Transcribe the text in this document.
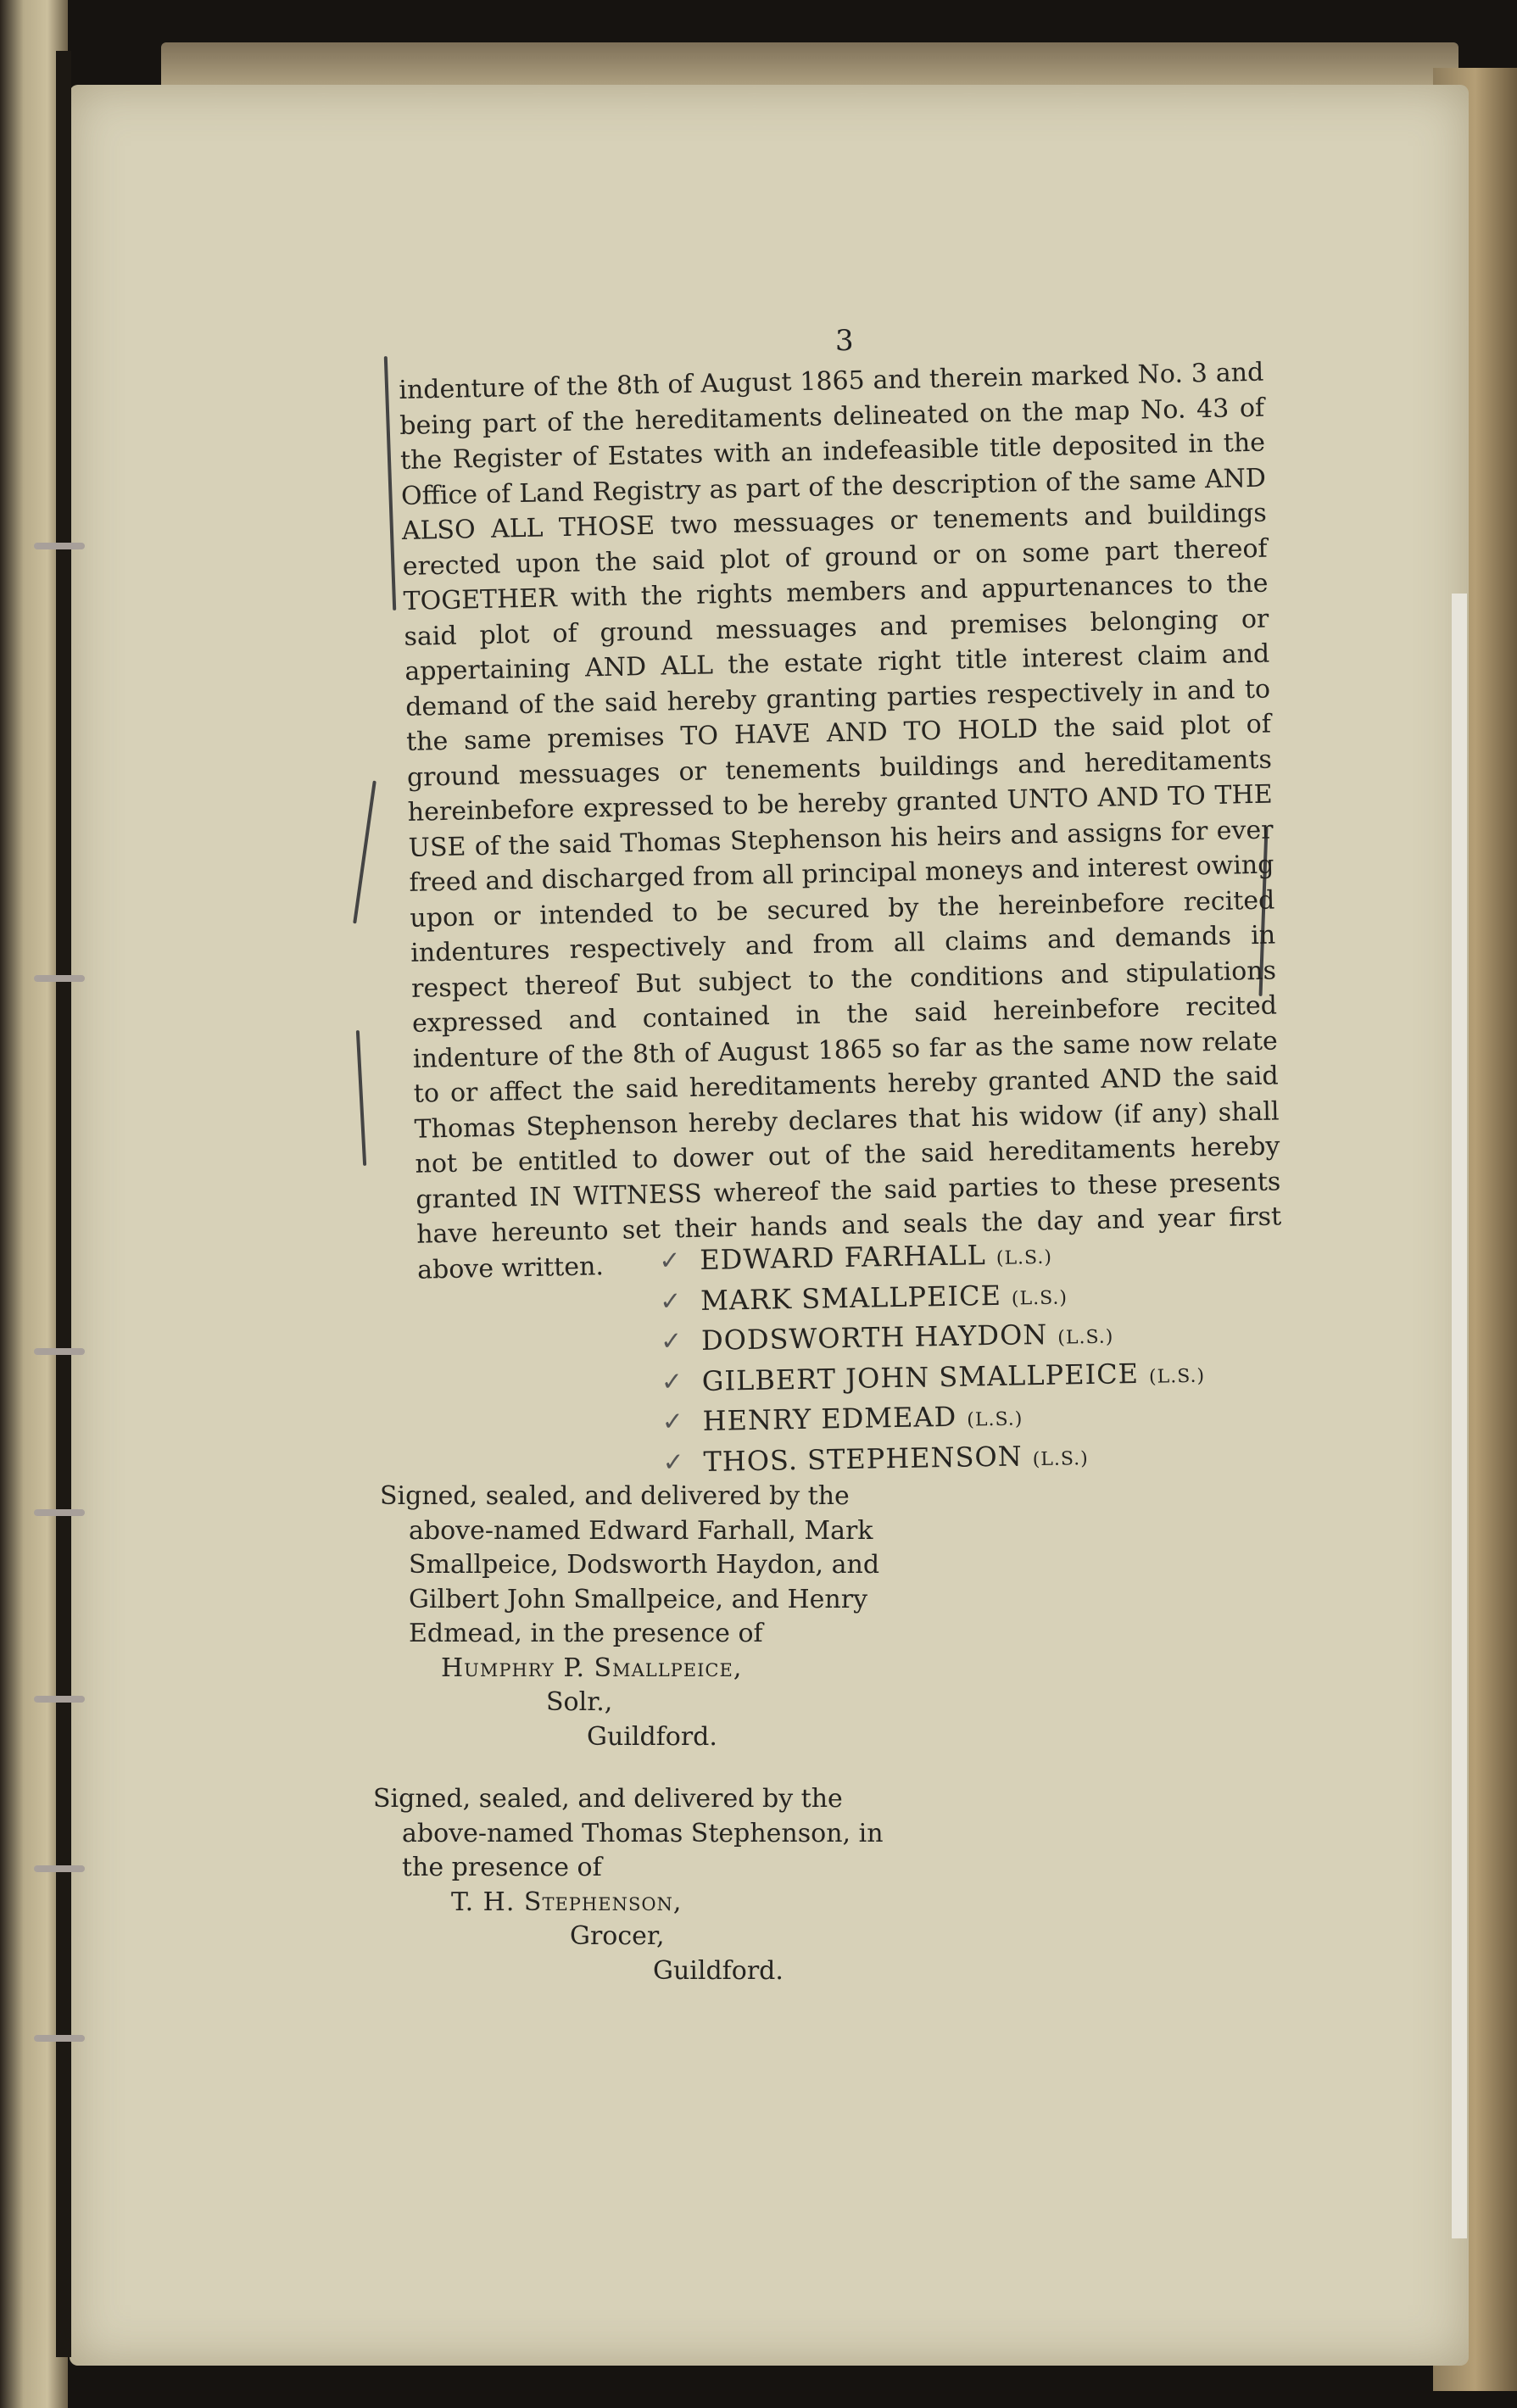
3
indenture of the 8th of August 1865 and therein marked No. 3 and being part of the hereditaments delineated on the map No. 43 of the Register of Estates with an indefeasible title deposited in the Office of Land Registry as part of the description of the same AND ALSO ALL THOSE two messuages or tenements and buildings erected upon the said plot of ground or on some part thereof TOGETHER with the rights members and appurtenances to the said plot of ground messuages and premises belonging or appertaining AND ALL the estate right title interest claim and demand of the said hereby granting parties respectively in and to the same premises TO HAVE AND TO HOLD the said plot of ground messuages or tenements buildings and hereditaments hereinbefore expressed to be hereby granted UNTO AND TO THE USE of the said Thomas Stephenson his heirs and assigns for ever freed and discharged from all principal moneys and interest owing upon or intended to be secured by the hereinbefore recited indentures respectively and from all claims and demands in respect thereof But subject to the conditions and stipulations expressed and contained in the said hereinbefore recited indenture of the 8th of August 1865 so far as the same now relate to or affect the said hereditaments hereby granted AND the said Thomas Stephenson hereby declares that his widow (if any) shall not be entitled to dower out of the said hereditaments hereby granted IN WITNESS whereof the said parties to these presents have hereunto set their hands and seals the day and year first above written.	✓ EDWARD FARHALL (L.S.)
✓ MARK SMALLPEICE (L.S.)
✓ DODSWORTH HAYDON (L.S.)
✓ GILBERT JOHN SMALLPEICE (L.S.)
✓ HENRY EDMEAD (L.S.)
✓ THOS. STEPHENSON (L.S.)
Signed, sealed, and delivered by the
above-named Edward Farhall, Mark
Smallpeice, Dodsworth Haydon, and
Gilbert John Smallpeice, and Henry
Edmead, in the presence of
Humphry P. Smallpeice,
Solr.,
Guildford.
Signed, sealed, and delivered by the
above-named Thomas Stephenson, in
the presence of
T. H. Stephenson,
Grocer,
Guildford.
